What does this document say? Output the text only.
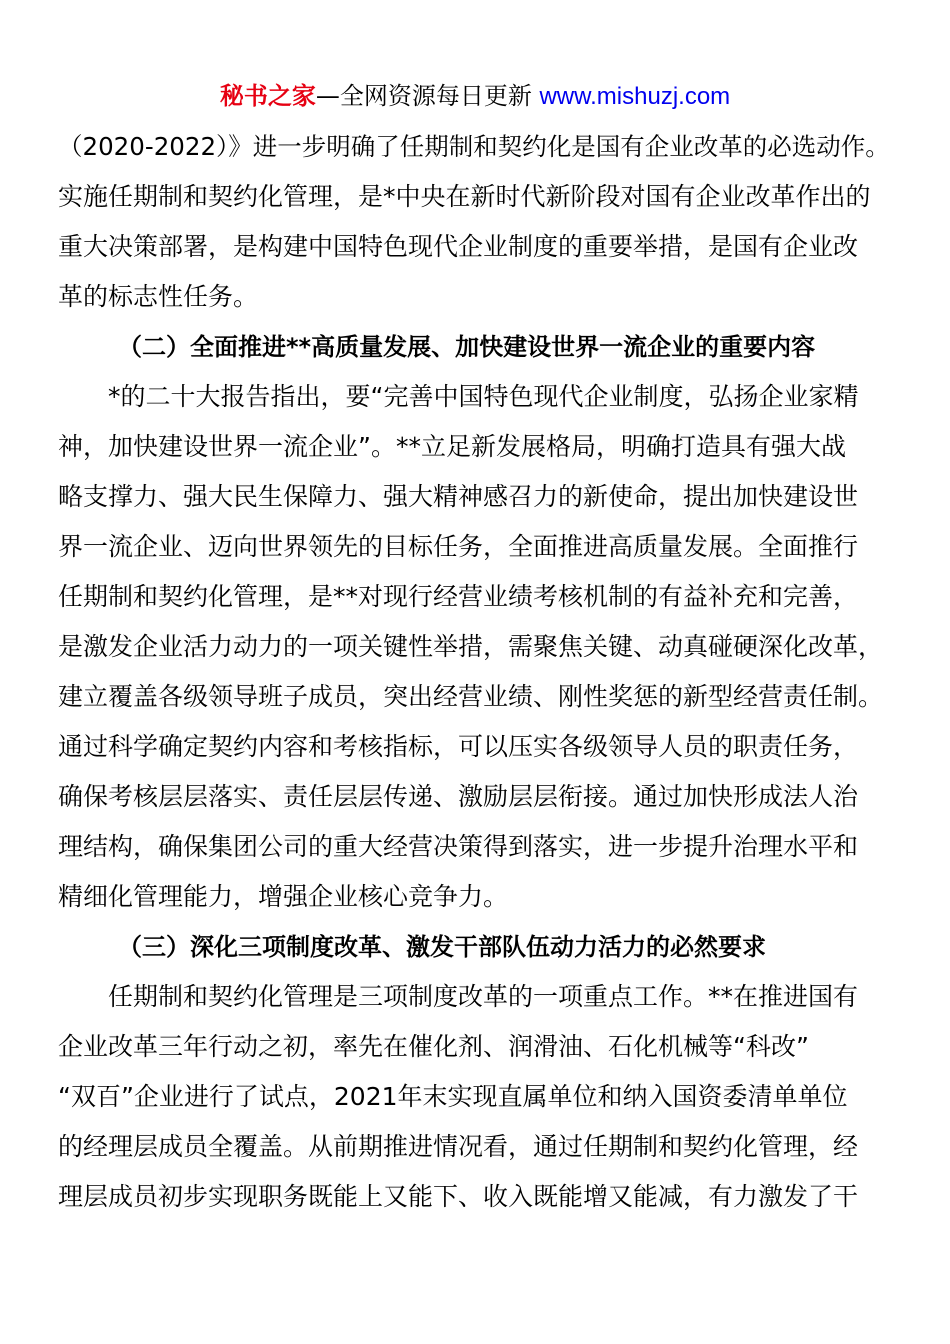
秘书之家—全网资源每日更新 www.mishuzj.com
（2020-2022）》进一步明确了任期制和契约化是国有企业改革的必选动作。
实施任期制和契约化管理，是*中央在新时代新阶段对国有企业改革作出的
重大决策部署，是构建中国特色现代企业制度的重要举措，是国有企业改
革的标志性任务。
（二）全面推进**高质量发展、加快建设世界一流企业的重要内容
*的二十大报告指出，要“完善中国特色现代企业制度，弘扬企业家精
神，加快建设世界一流企业”。**立足新发展格局，明确打造具有强大战
略支撑力、强大民生保障力、强大精神感召力的新使命，提出加快建设世
界一流企业、迈向世界领先的目标任务，全面推进高质量发展。全面推行
任期制和契约化管理，是**对现行经营业绩考核机制的有益补充和完善，
是激发企业活力动力的一项关键性举措，需聚焦关键、动真碰硬深化改革，
建立覆盖各级领导班子成员，突出经营业绩、刚性奖惩的新型经营责任制。
通过科学确定契约内容和考核指标，可以压实各级领导人员的职责任务，
确保考核层层落实、责任层层传递、激励层层衔接。通过加快形成法人治
理结构，确保集团公司的重大经营决策得到落实，进一步提升治理水平和
精细化管理能力，增强企业核心竞争力。
（三）深化三项制度改革、激发干部队伍动力活力的必然要求
任期制和契约化管理是三项制度改革的一项重点工作。**在推进国有
企业改革三年行动之初，率先在催化剂、润滑油、石化机械等“科改”
“双百”企业进行了试点，2021年末实现直属单位和纳入国资委清单单位
的经理层成员全覆盖。从前期推进情况看，通过任期制和契约化管理，经
理层成员初步实现职务既能上又能下、收入既能增又能减，有力激发了干
